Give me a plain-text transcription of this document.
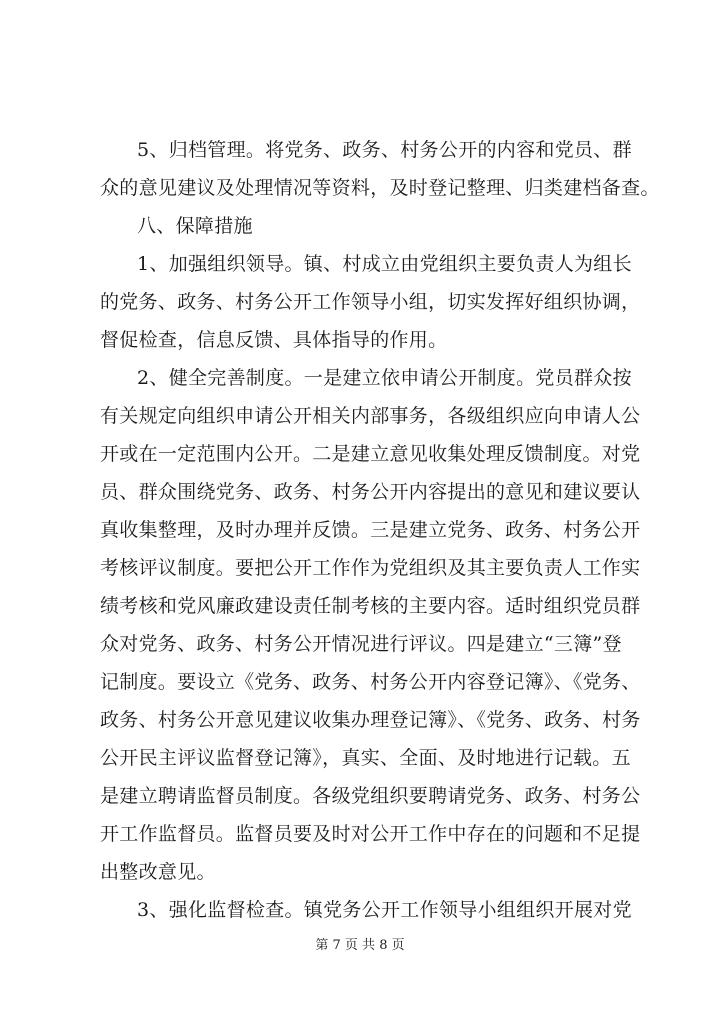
5、归档管理。将党务、政务、村务公开的内容和党员、群
众的意见建议及处理情况等资料，及时登记整理、归类建档备查。
八、保障措施
1、加强组织领导。镇、村成立由党组织主要负责人为组长
的党务、政务、村务公开工作领导小组，切实发挥好组织协调，
督促检查，信息反馈、具体指导的作用。
2、健全完善制度。一是建立依申请公开制度。党员群众按
有关规定向组织申请公开相关内部事务，各级组织应向申请人公
开或在一定范围内公开。二是建立意见收集处理反馈制度。对党
员、群众围绕党务、政务、村务公开内容提出的意见和建议要认
真收集整理，及时办理并反馈。三是建立党务、政务、村务公开
考核评议制度。要把公开工作作为党组织及其主要负责人工作实
绩考核和党风廉政建设责任制考核的主要内容。适时组织党员群
众对党务、政务、村务公开情况进行评议。四是建立“三簿”登
记制度。要设立《党务、政务、村务公开内容登记簿》、《党务、
政务、村务公开意见建议收集办理登记簿》、《党务、政务、村务
公开民主评议监督登记簿》，真实、全面、及时地进行记载。五
是建立聘请监督员制度。各级党组织要聘请党务、政务、村务公
开工作监督员。监督员要及时对公开工作中存在的问题和不足提
出整改意见。
3、强化监督检查。镇党务公开工作领导小组组织开展对党
第 7 页 共 8 页
